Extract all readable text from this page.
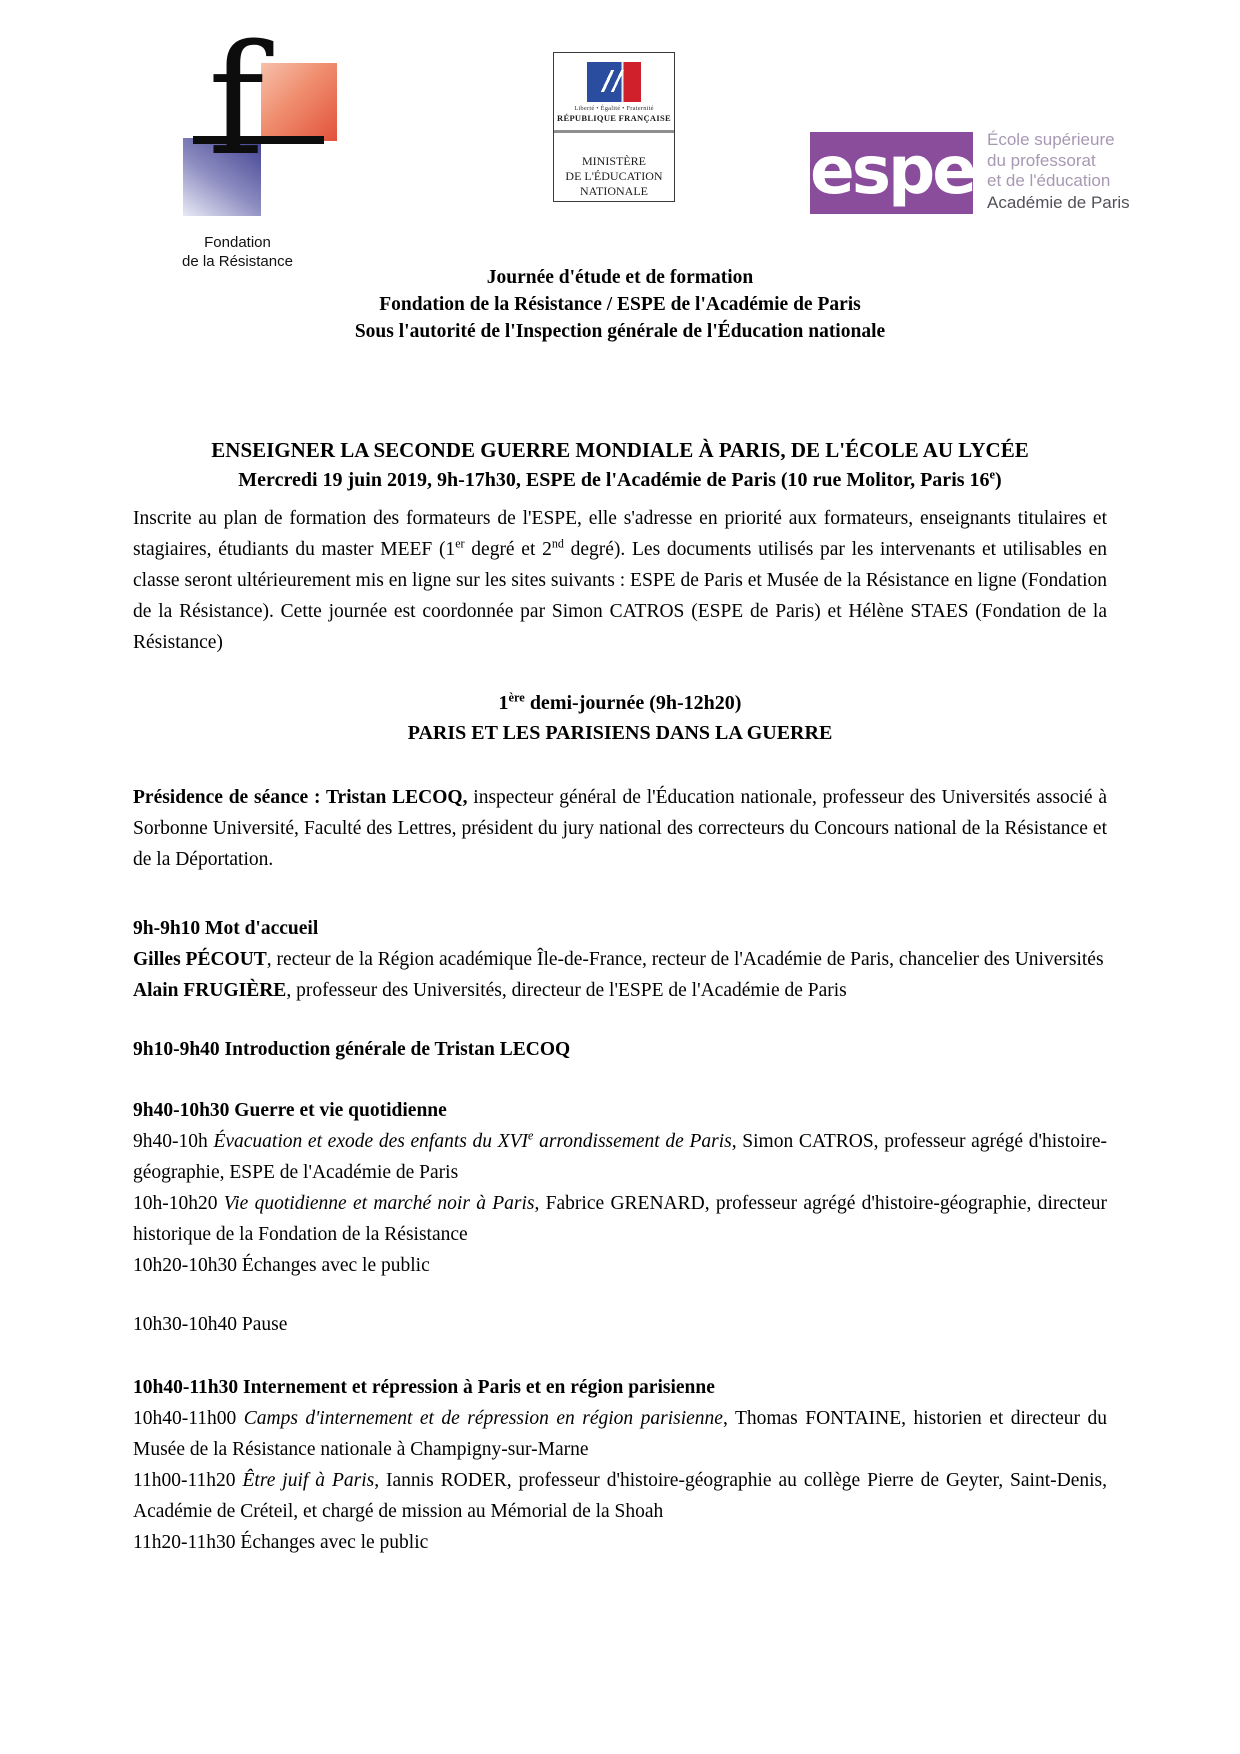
f
Fondation
de la Résistance
Liberté • Égalité • Fraternité
RÉPUBLIQUE FRANÇAISE
MINISTÈRE
DE L'ÉDUCATION
NATIONALE	espe École supérieure
du professorat
et de l'éducation
Académie de Paris
Journée d'étude et de formation
Fondation de la Résistance / ESPE de l'Académie de Paris
Sous l'autorité de l'Inspection générale de l'Éducation nationale
ENSEIGNER LA SECONDE GUERRE MONDIALE À PARIS, DE L'ÉCOLE AU LYCÉE
Mercredi 19 juin 2019, 9h-17h30, ESPE de l'Académie de Paris (10 rue Molitor, Paris 16e)

Inscrite au plan de formation des formateurs de l'ESPE, elle s'adresse en priorité aux formateurs, enseignants titulaires et stagiaires, étudiants du master MEEF (1er degré et 2nd degré). Les documents utilisés par les intervenants et utilisables en classe seront ultérieurement mis en ligne sur les sites suivants : ESPE de Paris et Musée de la Résistance en ligne (Fondation de la Résistance). Cette journée est coordonnée par Simon CATROS (ESPE de Paris) et Hélène STAES (Fondation de la Résistance)

1ère demi-journée (9h-12h20)
PARIS ET LES PARISIENS DANS LA GUERRE

Présidence de séance : Tristan LECOQ, inspecteur général de l'Éducation nationale, professeur des Universités associé à Sorbonne Université, Faculté des Lettres, président du jury national des correcteurs du Concours national de la Résistance et de la Déportation.

9h-9h10 Mot d'accueil

Gilles PÉCOUT, recteur de la Région académique Île-de-France, recteur de l'Académie de Paris, chancelier des Universités

Alain FRUGIÈRE, professeur des Universités, directeur de l'ESPE de l'Académie de Paris

9h10-9h40 Introduction générale de Tristan LECOQ
9h40-10h30 Guerre et vie quotidienne

9h40-10h Évacuation et exode des enfants du XVIe arrondissement de Paris, Simon CATROS, professeur agrégé d'histoire-géographie, ESPE de l'Académie de Paris

10h-10h20 Vie quotidienne et marché noir à Paris, Fabrice GRENARD, professeur agrégé d'histoire-géographie, directeur historique de la Fondation de la Résistance

10h20-10h30 Échanges avec le public

10h30-10h40 Pause

10h40-11h30 Internement et répression à Paris et en région parisienne

10h40-11h00 Camps d'internement et de répression en région parisienne, Thomas FONTAINE, historien et directeur du Musée de la Résistance nationale à Champigny-sur-Marne

11h00-11h20 Être juif à Paris, Iannis RODER, professeur d'histoire-géographie au collège Pierre de Geyter, Saint-Denis, Académie de Créteil, et chargé de mission au Mémorial de la Shoah

11h20-11h30 Échanges avec le public
